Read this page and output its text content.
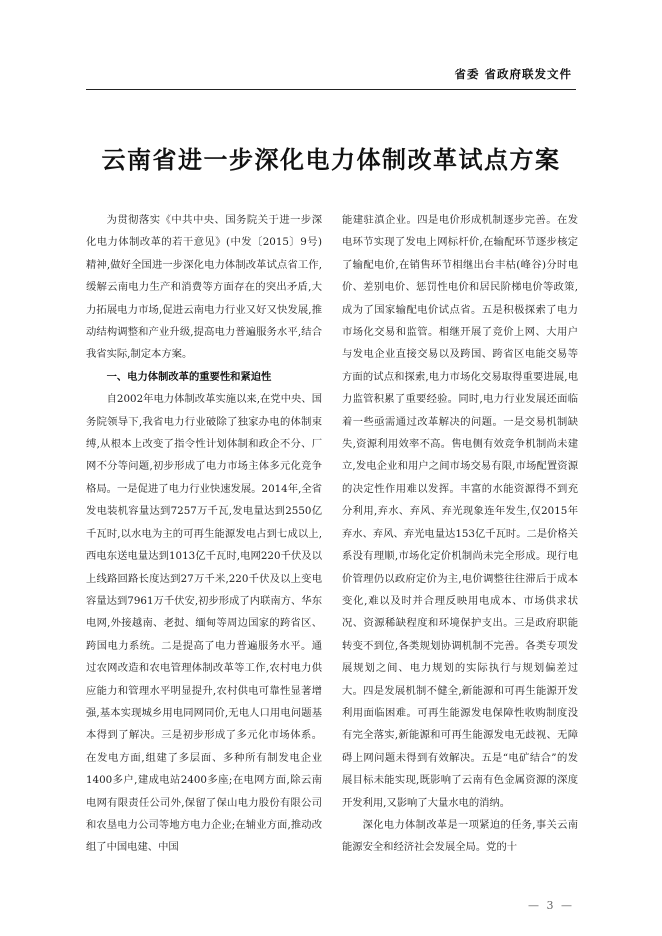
省委 省政府联发文件
云南省进一步深化电力体制改革试点方案

为贯彻落实《中共中央、国务院关于进一步深化电力体制改革的若干意见》(中发〔2015〕9号)精神,做好全国进一步深化电力体制改革试点省工作,缓解云南电力生产和消费等方面存在的突出矛盾,大力拓展电力市场,促进云南电力行业又好又快发展,推动结构调整和产业升级,提高电力普遍服务水平,结合我省实际,制定本方案。

一、电力体制改革的重要性和紧迫性

自2002年电力体制改革实施以来,在党中央、国务院领导下,我省电力行业破除了独家办电的体制束缚,从根本上改变了指令性计划体制和政企不分、厂网不分等问题,初步形成了电力市场主体多元化竞争格局。一是促进了电力行业快速发展。2014年,全省发电装机容量达到7257万千瓦,发电量达到2550亿千瓦时,以水电为主的可再生能源发电占到七成以上,西电东送电量达到1013亿千瓦时,电网220千伏及以上线路回路长度达到27万千米,220千伏及以上变电容量达到7961万千伏安,初步形成了内联南方、华东电网,外接越南、老挝、缅甸等周边国家的跨省区、跨国电力系统。二是提高了电力普遍服务水平。通过农网改造和农电管理体制改革等工作,农村电力供应能力和管理水平明显提升,农村供电可靠性显著增强,基本实现城乡用电同网同价,无电人口用电问题基本得到了解决。三是初步形成了多元化市场体系。在发电方面,组建了多层面、多种所有制发电企业1400多户,建成电站2400多座;在电网方面,除云南电网有限责任公司外,保留了保山电力股份有限公司和农垦电力公司等地方电力企业;在辅业方面,推动改组了中国电建、中国

能建驻滇企业。四是电价形成机制逐步完善。在发电环节实现了发电上网标杆价,在输配环节逐步核定了输配电价,在销售环节相继出台丰枯(峰谷)分时电价、差别电价、惩罚性电价和居民阶梯电价等政策,成为了国家输配电价试点省。五是积极探索了电力市场化交易和监管。相继开展了竞价上网、大用户与发电企业直接交易以及跨国、跨省区电能交易等方面的试点和探索,电力市场化交易取得重要进展,电力监管积累了重要经验。同时,电力行业发展还面临着一些亟需通过改革解决的问题。一是交易机制缺失,资源利用效率不高。售电侧有效竞争机制尚未建立,发电企业和用户之间市场交易有限,市场配置资源的决定性作用难以发挥。丰富的水能资源得不到充分利用,弃水、弃风、弃光现象连年发生,仅2015年弃水、弃风、弃光电量达153亿千瓦时。二是价格关系没有理顺,市场化定价机制尚未完全形成。现行电价管理仍以政府定价为主,电价调整往往滞后于成本变化,难以及时并合理反映用电成本、市场供求状况、资源稀缺程度和环境保护支出。三是政府职能转变不到位,各类规划协调机制不完善。各类专项发展规划之间、电力规划的实际执行与规划偏差过大。四是发展机制不健全,新能源和可再生能源开发利用面临困难。可再生能源发电保障性收购制度没有完全落实,新能源和可再生能源发电无歧视、无障碍上网问题未得到有效解决。五是“电矿结合”的发展目标未能实现,既影响了云南有色金属资源的深度开发利用,又影响了大量水电的消纳。

深化电力体制改革是一项紧迫的任务,事关云南能源安全和经济社会发展全局。党的十

— 3 —
